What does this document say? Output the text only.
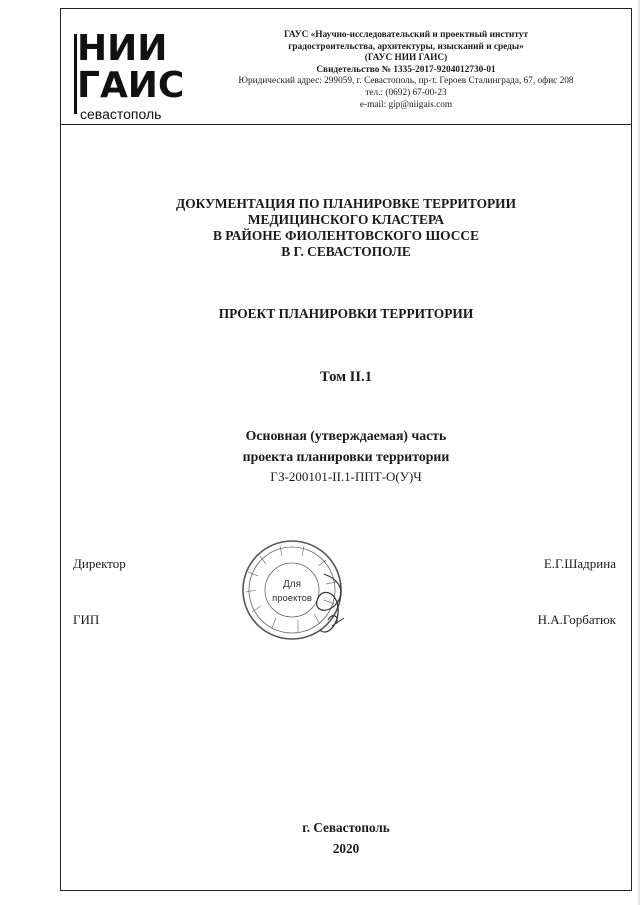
НИИ
ГАИС
севастополь
ГАУС «Научно-исследовательский и проектный институт
градостроительства, архитектуры, изысканий и среды»
(ГАУС НИИ ГАИС)
Свидетельство № 1335-2017-9204012730-01
Юридический адрес: 299059, г. Севастополь, пр-т. Героев Сталинграда, 67, офис 208
тел.: (0692) 67-00-23
e-mail: gip@niigais.com
ДОКУМЕНТАЦИЯ ПО ПЛАНИРОВКЕ ТЕРРИТОРИИ
МЕДИЦИНСКОГО КЛАСТЕРА
В РАЙОНЕ ФИОЛЕНТОВСКОГО ШОССЕ
В Г. СЕВАСТОПОЛЕ
ПРОЕКТ ПЛАНИРОВКИ ТЕРРИТОРИИ
Том II.1
Основная (утверждаемая) часть
проекта планировки территории
ГЗ-200101-II.1-ППТ-О(У)Ч
Директор	Е.Г.Шадрина
ГИП	Н.А.Горбатюк
Для
проектов
г. Севастополь
2020
